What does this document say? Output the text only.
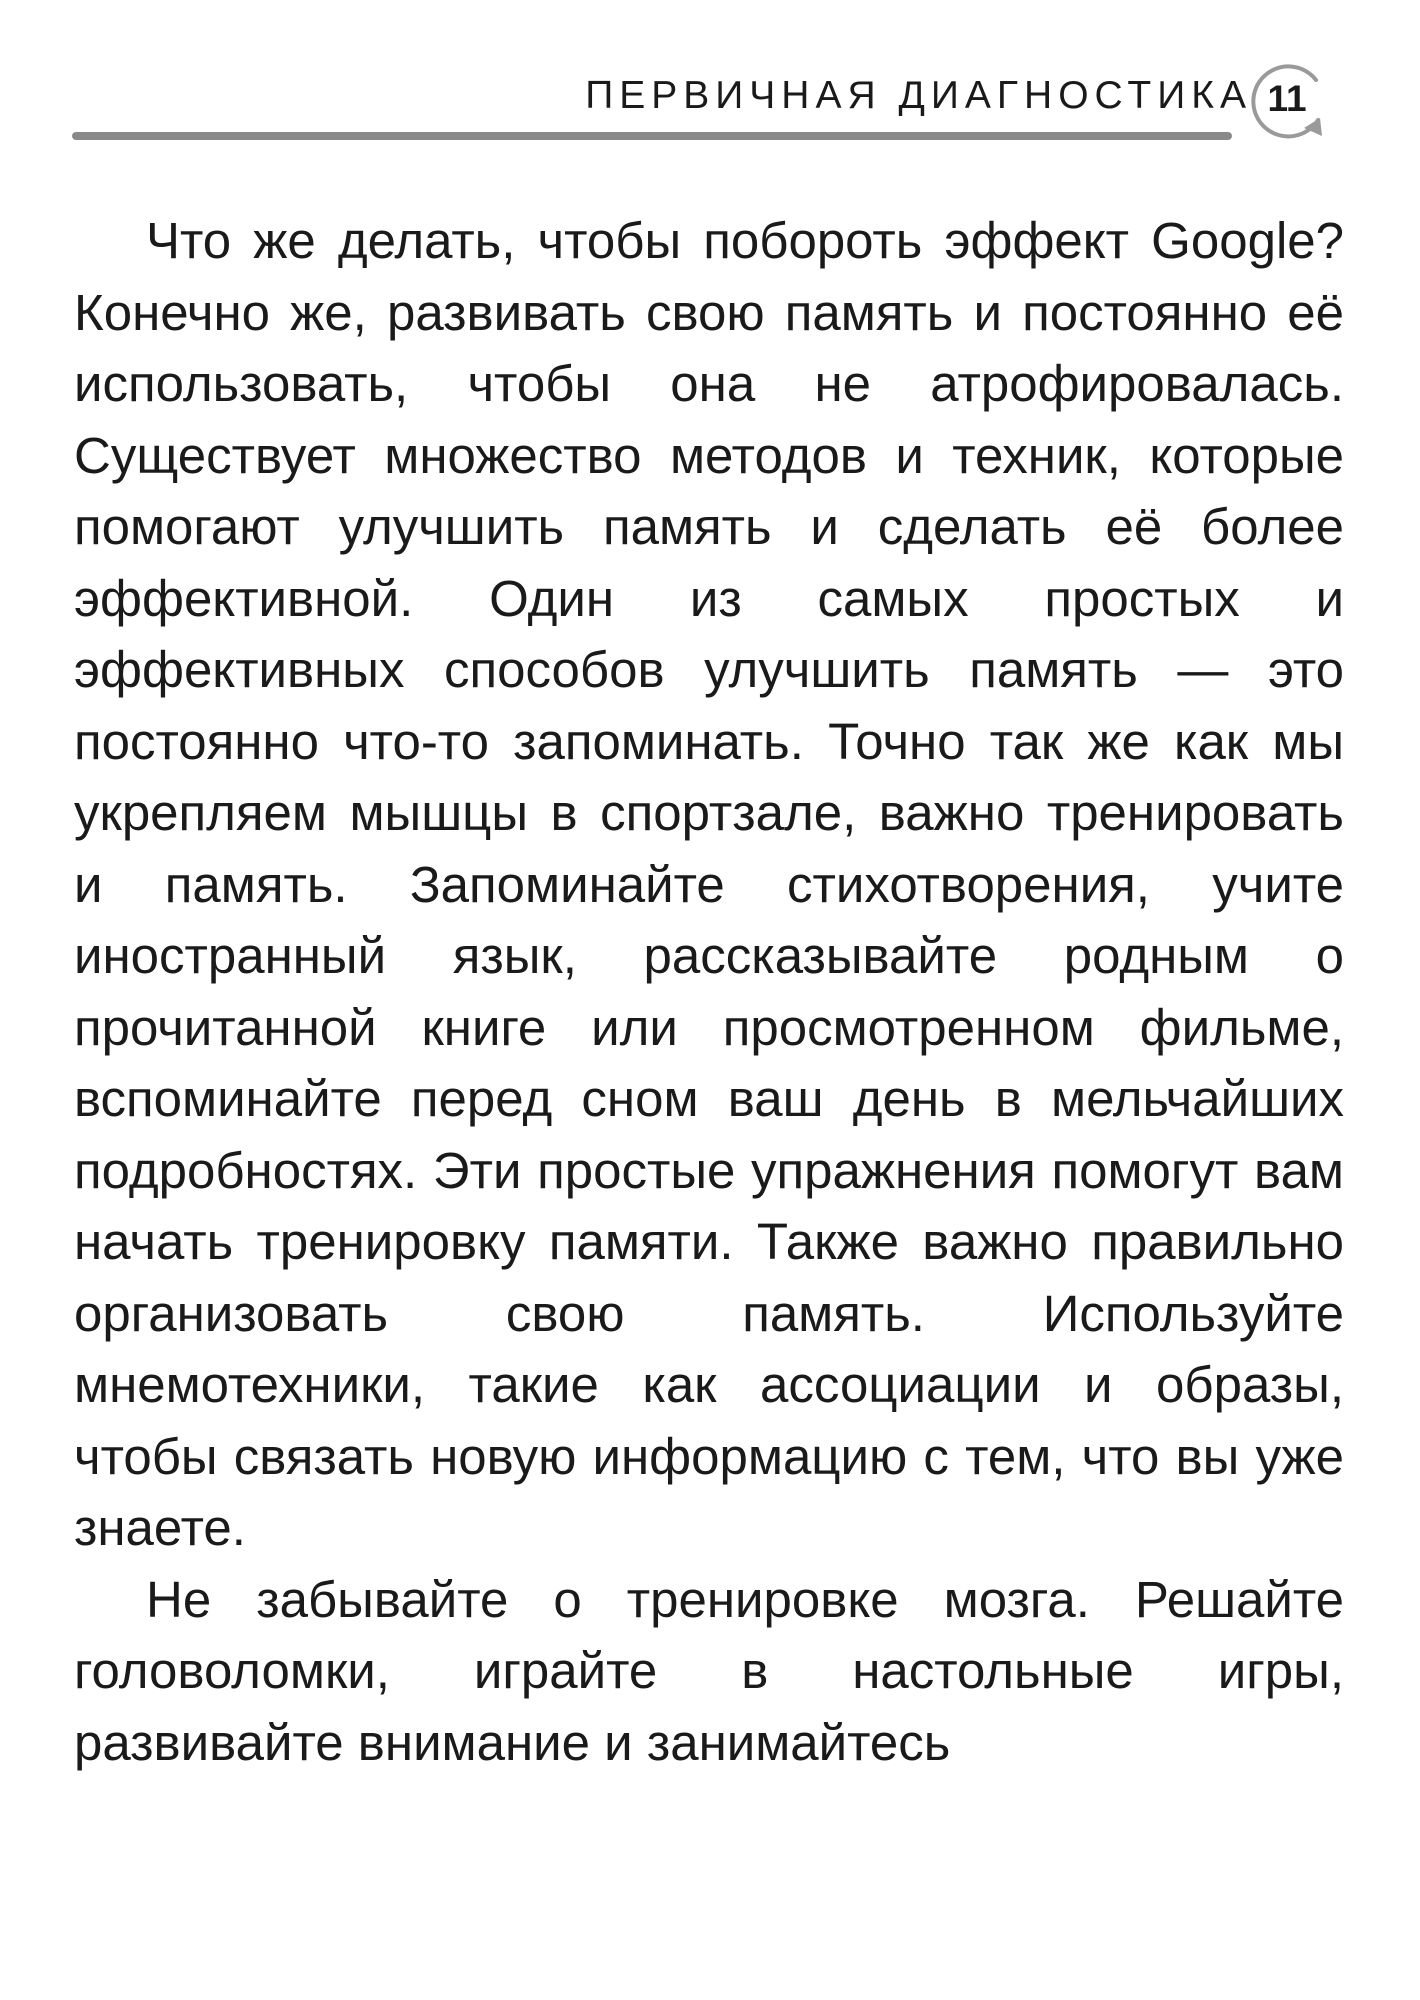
ПЕРВИЧНАЯ ДИАГНОСТИКА 11

Что же делать, чтобы побороть эффект Google? Конечно же, развивать свою память и постоянно её использовать, чтобы она не атрофировалась. Существует множество методов и техник, которые помогают улучшить память и сделать её более эффективной. Один из самых простых и эффективных способов улучшить память — это постоянно что-то запоминать. Точно так же как мы укрепляем мышцы в спортзале, важно тренировать и память. Запоминайте стихотворения, учите иностранный язык, рассказывайте родным о прочитанной книге или просмотренном фильме, вспоминайте перед сном ваш день в мельчайших подробностях. Эти простые упражнения помогут вам начать тренировку памяти. Также важно правильно организовать свою память. Используйте мнемотехники, такие как ассоциации и образы, чтобы связать новую информацию с тем, что вы уже знаете.

Не забывайте о тренировке мозга. Решайте головоломки, играйте в настольные игры, развивайте внимание и занимайтесь
